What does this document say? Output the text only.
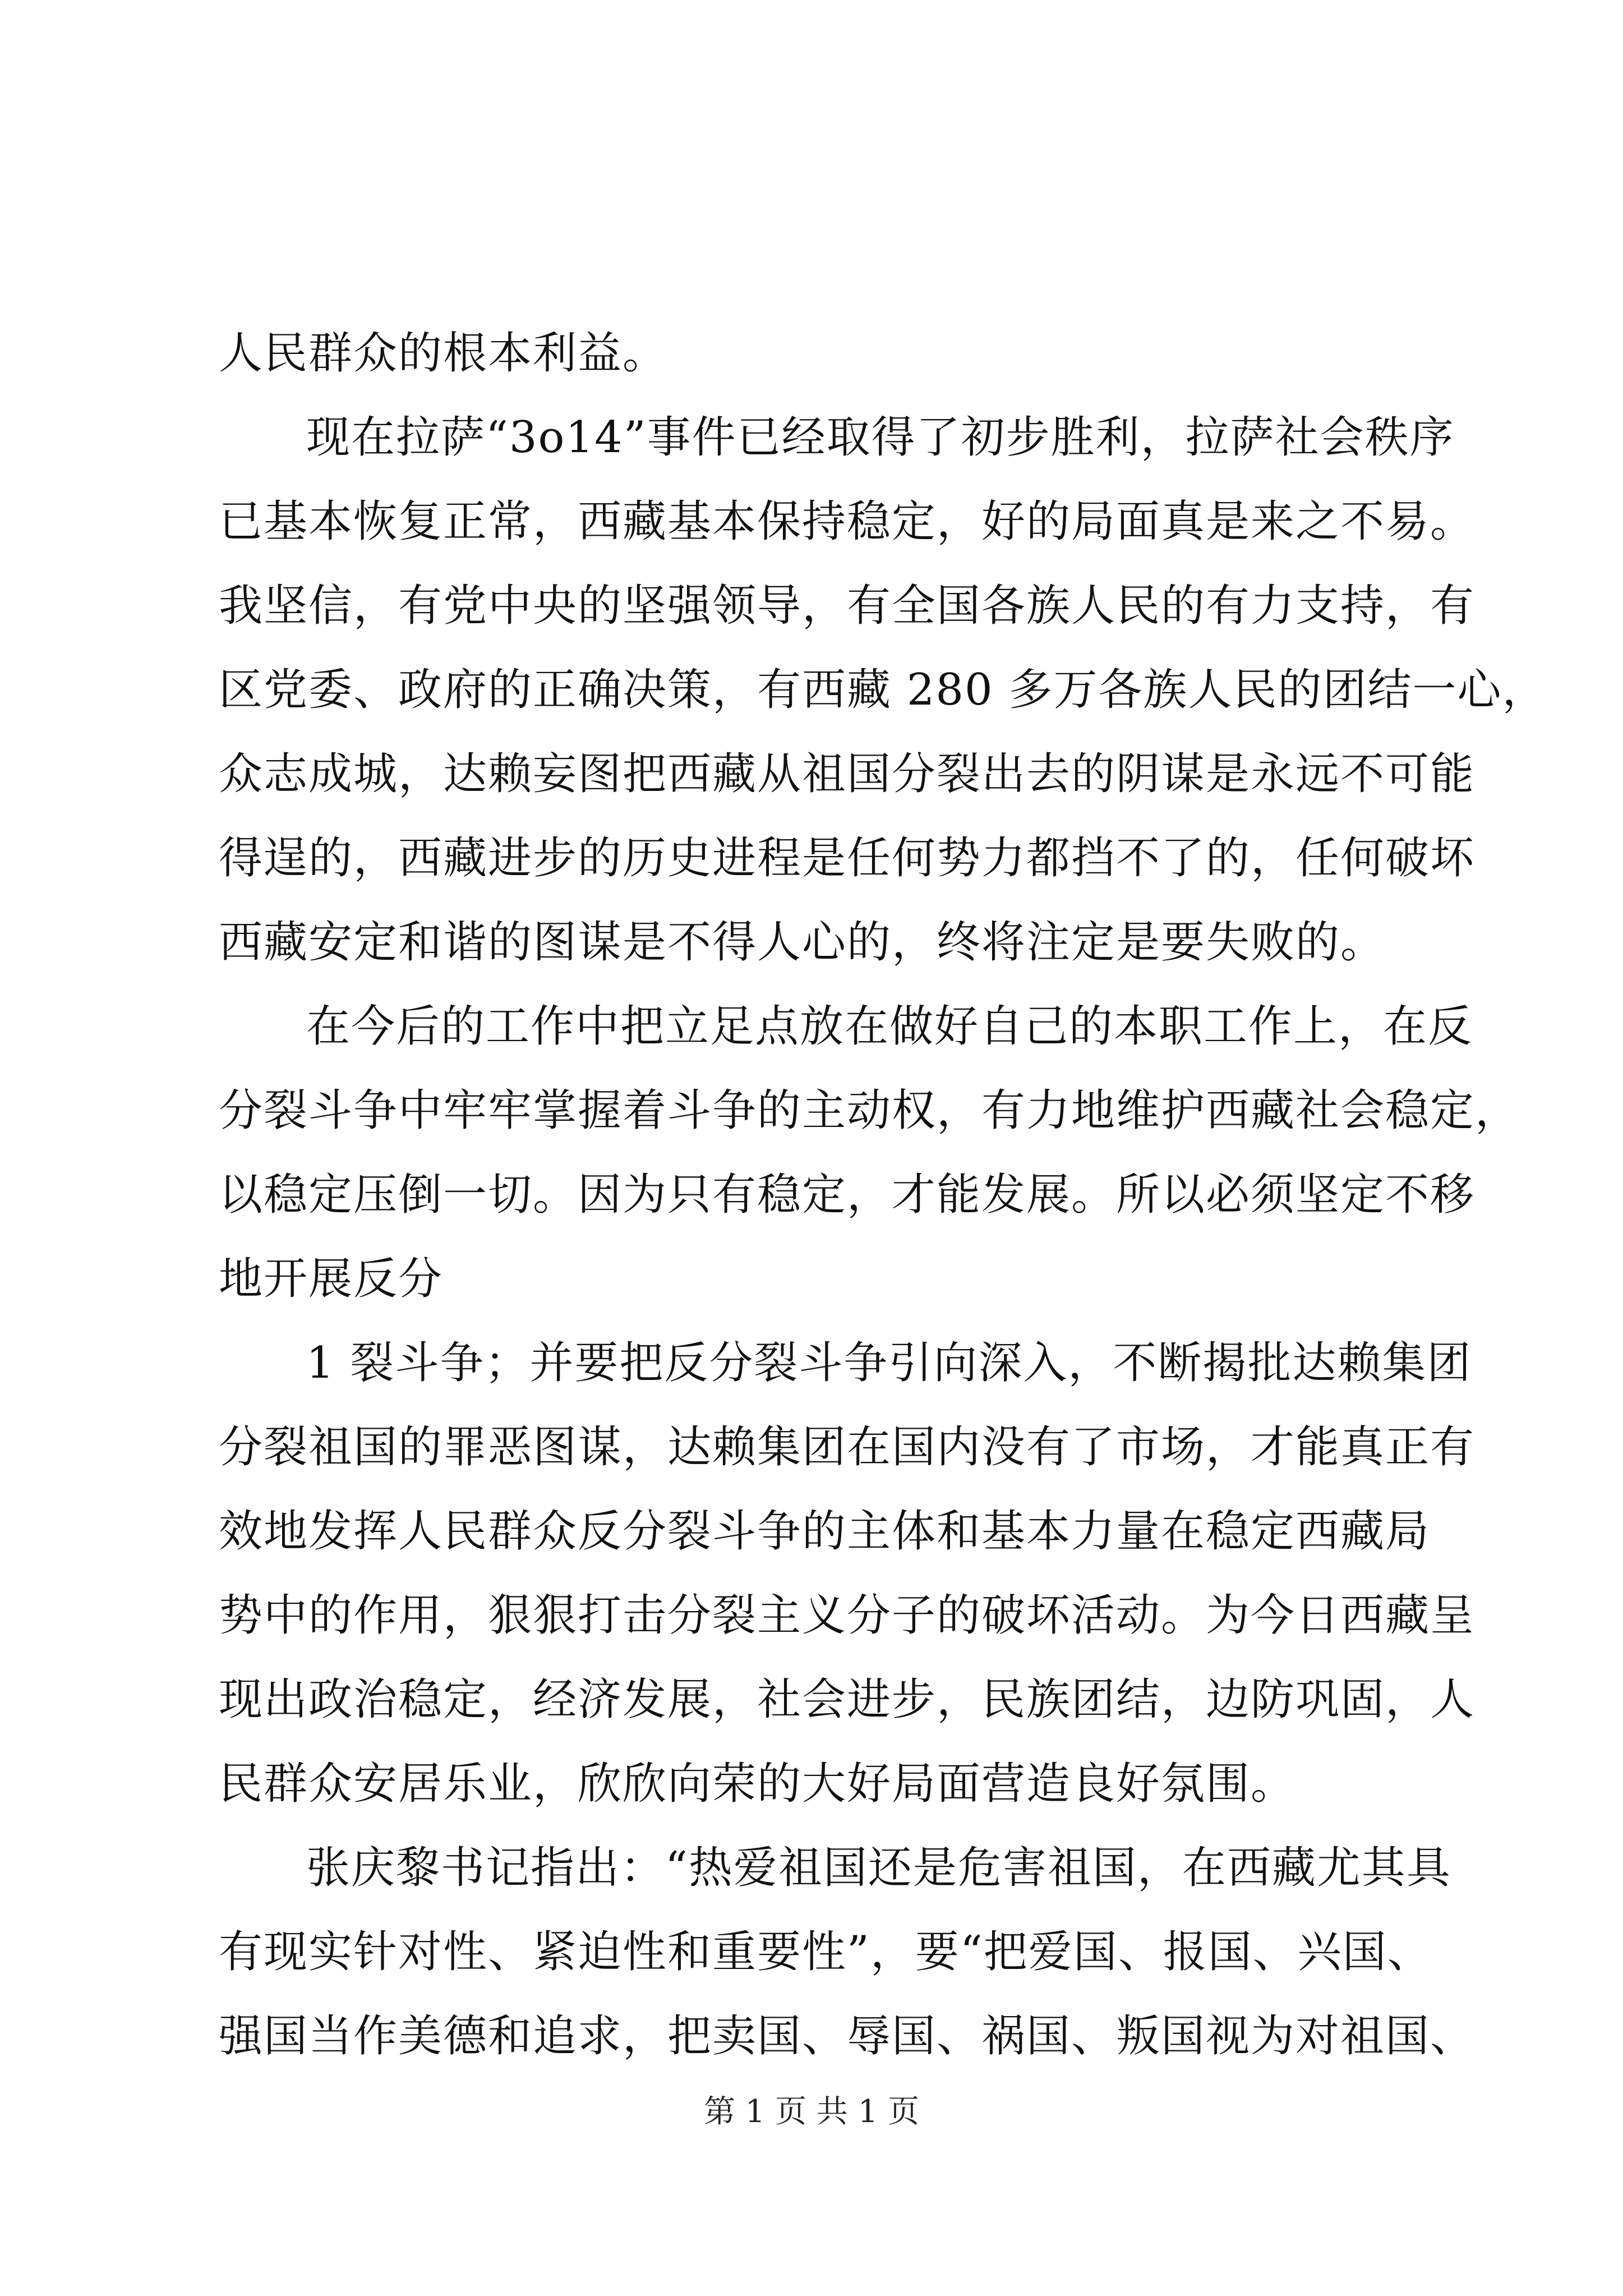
人民群众的根本利益。
现在拉萨“3o14”事件已经取得了初步胜利，拉萨社会秩序
已基本恢复正常，西藏基本保持稳定，好的局面真是来之不易。
我坚信，有党中央的坚强领导，有全国各族人民的有力支持，有
区党委、政府的正确决策，有西藏 280 多万各族人民的团结一心，
众志成城，达赖妄图把西藏从祖国分裂出去的阴谋是永远不可能
得逞的，西藏进步的历史进程是任何势力都挡不了的，任何破坏
西藏安定和谐的图谋是不得人心的，终将注定是要失败的。
在今后的工作中把立足点放在做好自己的本职工作上，在反
分裂斗争中牢牢掌握着斗争的主动权，有力地维护西藏社会稳定，
以稳定压倒一切。因为只有稳定，才能发展。所以必须坚定不移
地开展反分
1 裂斗争；并要把反分裂斗争引向深入，不断揭批达赖集团
分裂祖国的罪恶图谋，达赖集团在国内没有了市场，才能真正有
效地发挥人民群众反分裂斗争的主体和基本力量在稳定西藏局
势中的作用，狠狠打击分裂主义分子的破坏活动。为今日西藏呈
现出政治稳定，经济发展，社会进步，民族团结，边防巩固，人
民群众安居乐业，欣欣向荣的大好局面营造良好氛围。
张庆黎书记指出：“热爱祖国还是危害祖国，在西藏尤其具
有现实针对性、紧迫性和重要性”，要“把爱国、报国、兴国、
强国当作美德和追求，把卖国、辱国、祸国、叛国视为对祖国、
第 1 页 共 1 页
